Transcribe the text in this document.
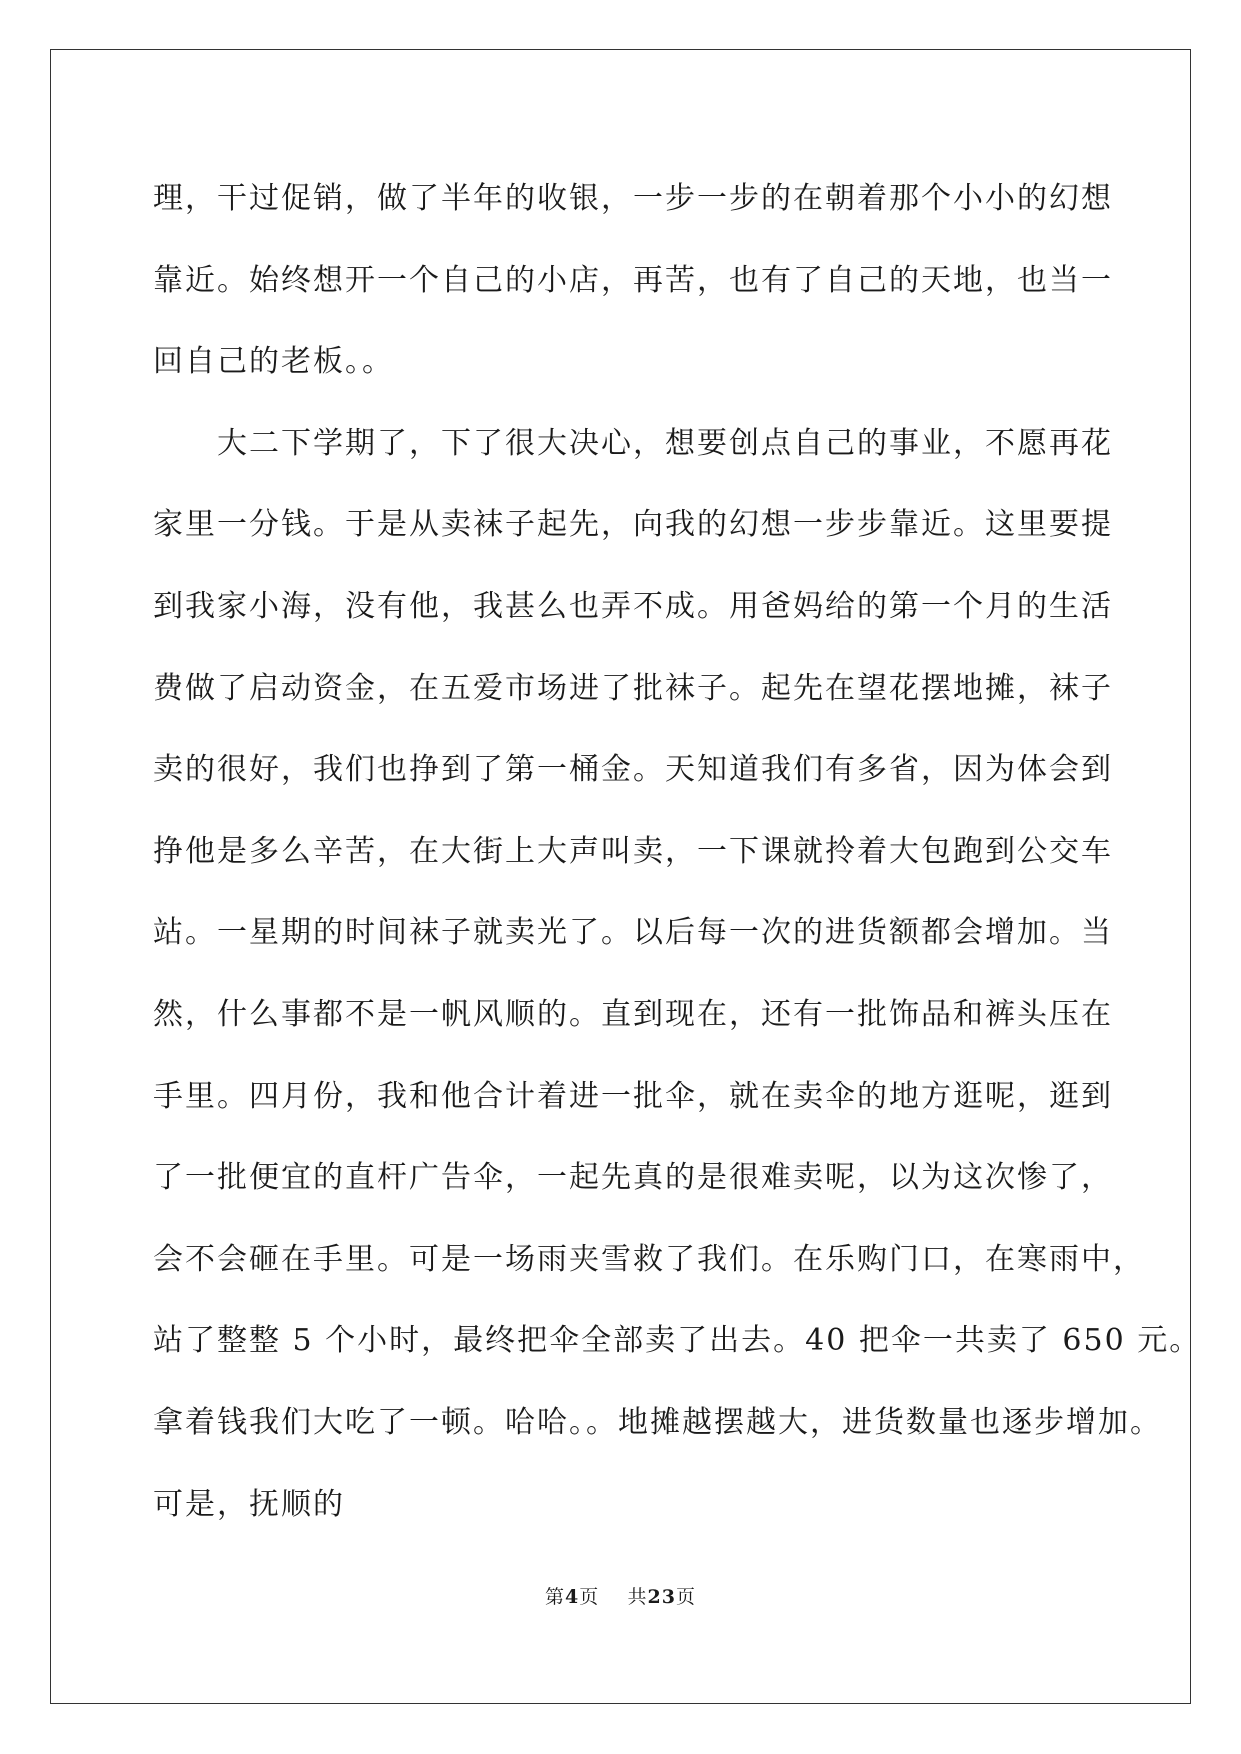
理，干过促销，做了半年的收银，一步一步的在朝着那个小小的幻想
靠近。始终想开一个自己的小店，再苦，也有了自己的天地，也当一
回自己的老板。。
　　大二下学期了，下了很大决心，想要创点自己的事业，不愿再花
家里一分钱。于是从卖袜子起先，向我的幻想一步步靠近。这里要提
到我家小海，没有他，我甚么也弄不成。用爸妈给的第一个月的生活
费做了启动资金，在五爱市场进了批袜子。起先在望花摆地摊，袜子
卖的很好，我们也挣到了第一桶金。天知道我们有多省，因为体会到
挣他是多么辛苦，在大街上大声叫卖，一下课就拎着大包跑到公交车
站。一星期的时间袜子就卖光了。以后每一次的进货额都会增加。当
然，什么事都不是一帆风顺的。直到现在，还有一批饰品和裤头压在
手里。四月份，我和他合计着进一批伞，就在卖伞的地方逛呢，逛到
了一批便宜的直杆广告伞，一起先真的是很难卖呢，以为这次惨了，
会不会砸在手里。可是一场雨夹雪救了我们。在乐购门口，在寒雨中，
站了整整 5 个小时，最终把伞全部卖了出去。40 把伞一共卖了 650 元。
拿着钱我们大吃了一顿。哈哈。。地摊越摆越大，进货数量也逐步增加。
可是，抚顺的
第4页 共23页
